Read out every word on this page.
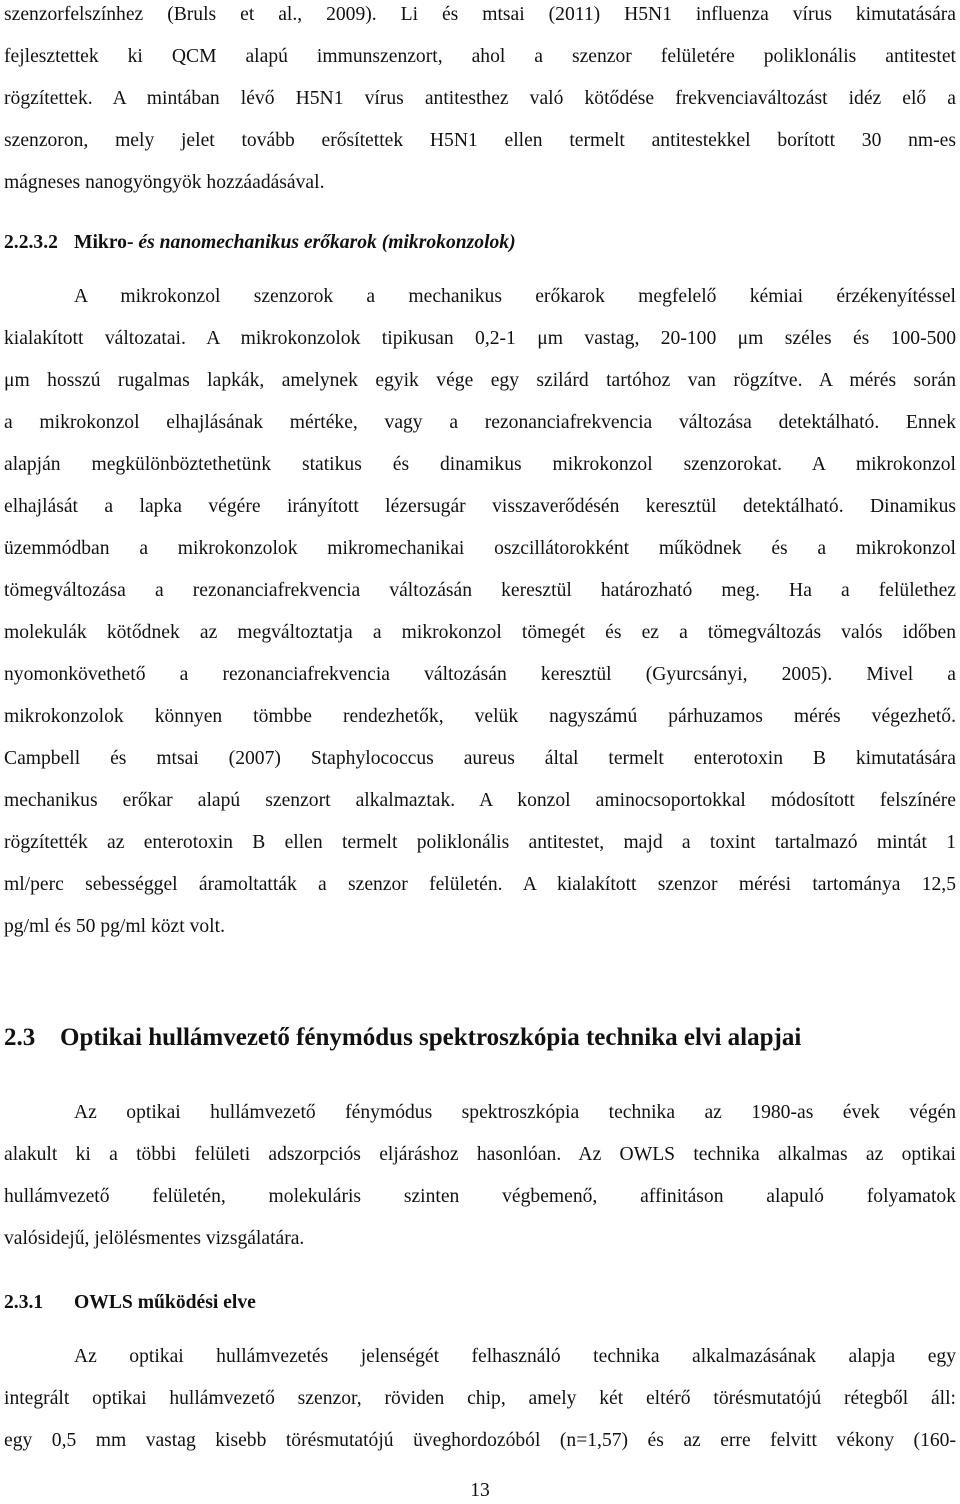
szenzorfelszínhez (Bruls et al., 2009). Li és mtsai (2011) H5N1 influenza vírus kimutatására
fejlesztettek ki QCM alapú immunszenzort, ahol a szenzor felületére poliklonális antitestet
rögzítettek. A mintában lévő H5N1 vírus antitesthez való kötődése frekvenciaváltozást idéz elő a
szenzoron, mely jelet tovább erősítettek H5N1 ellen termelt antitestekkel borított 30 nm-es
mágneses nanogyöngyök hozzáadásával.
2.2.3.2 Mikro- és nanomechanikus erőkarok (mikrokonzolok)
A mikrokonzol szenzorok a mechanikus erőkarok megfelelő kémiai érzékenyítéssel
kialakított változatai. A mikrokonzolok tipikusan 0,2-1 μm vastag, 20-100 μm széles és 100-500
μm hosszú rugalmas lapkák, amelynek egyik vége egy szilárd tartóhoz van rögzítve. A mérés során
a mikrokonzol elhajlásának mértéke, vagy a rezonanciafrekvencia változása detektálható. Ennek
alapján megkülönböztethetünk statikus és dinamikus mikrokonzol szenzorokat. A mikrokonzol
elhajlását a lapka végére irányított lézersugár visszaverődésén keresztül detektálható. Dinamikus
üzemmódban a mikrokonzolok mikromechanikai oszcillátorokként működnek és a mikrokonzol
tömegváltozása a rezonanciafrekvencia változásán keresztül határozható meg. Ha a felülethez
molekulák kötődnek az megváltoztatja a mikrokonzol tömegét és ez a tömegváltozás valós időben
nyomonkövethető a rezonanciafrekvencia változásán keresztül (Gyurcsányi, 2005). Mivel a
mikrokonzolok könnyen tömbbe rendezhetők, velük nagyszámú párhuzamos mérés végezhető.
Campbell és mtsai (2007) Staphylococcus aureus által termelt enterotoxin B kimutatására
mechanikus erőkar alapú szenzort alkalmaztak. A konzol aminocsoportokkal módosított felszínére
rögzítették az enterotoxin B ellen termelt poliklonális antitestet, majd a toxint tartalmazó mintát 1
ml/perc sebességgel áramoltatták a szenzor felületén. A kialakított szenzor mérési tartománya 12,5
pg/ml és 50 pg/ml közt volt.
2.3 Optikai hullámvezető fénymódus spektroszkópia technika elvi alapjai
Az optikai hullámvezető fénymódus spektroszkópia technika az 1980-as évek végén
alakult ki a többi felületi adszorpciós eljáráshoz hasonlóan. Az OWLS technika alkalmas az optikai
hullámvezető felületén, molekuláris szinten végbemenő, affinitáson alapuló folyamatok
valósidejű, jelölésmentes vizsgálatára.
2.3.1 OWLS működési elve
Az optikai hullámvezetés jelenségét felhasználó technika alkalmazásának alapja egy
integrált optikai hullámvezető szenzor, röviden chip, amely két eltérő törésmutatójú rétegből áll:
egy 0,5 mm vastag kisebb törésmutatójú üveghordozóból (n=1,57) és az erre felvitt vékony (160-
13
